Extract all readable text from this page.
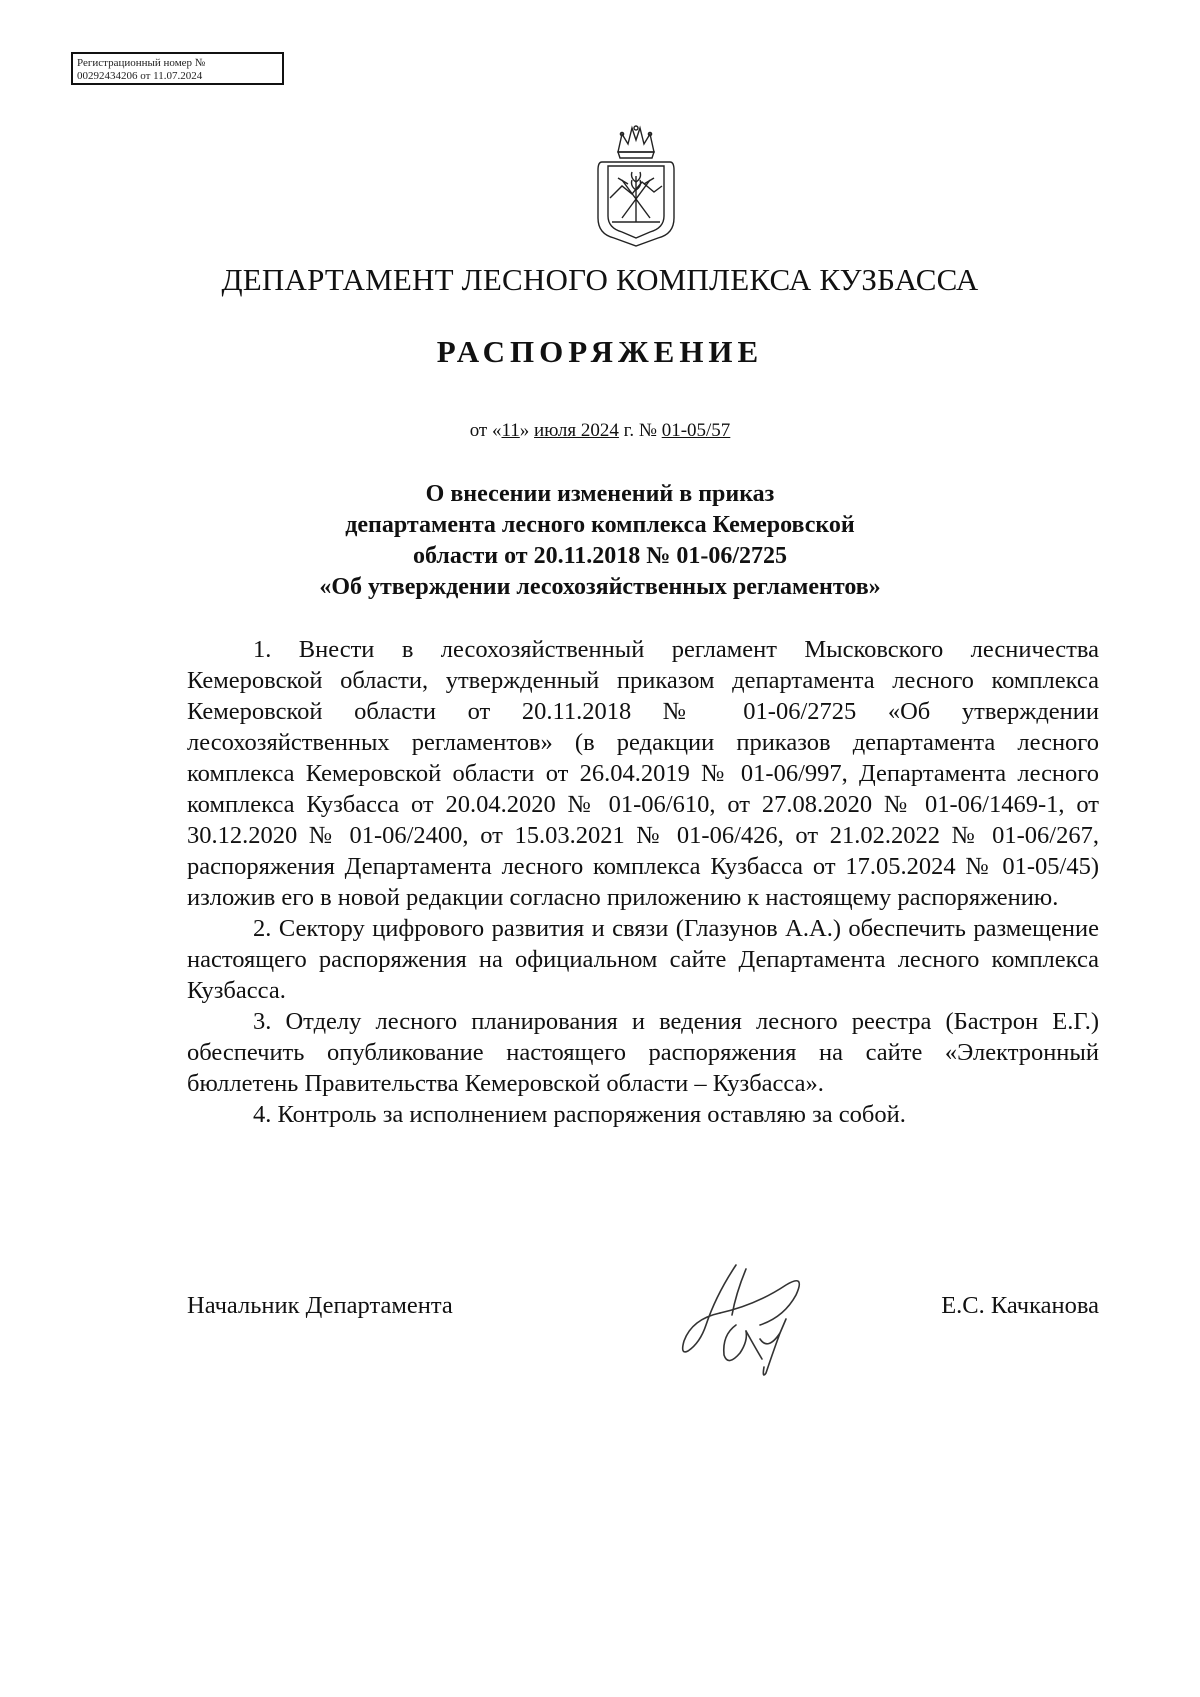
Регистрационный номер №
00292434206 от 11.07.2024
ДЕПАРТАМЕНТ ЛЕСНОГО КОМПЛЕКСА КУЗБАССА
РАСПОРЯЖЕНИЕ
от «11» июля 2024 г. № 01-05/57
О внесении изменений в приказ
департамента лесного комплекса Кемеровской
области от 20.11.2018 № 01-06/2725
«Об утверждении лесохозяйственных регламентов»

1. Внести в лесохозяйственный регламент Мысковского лесничества Кемеровской области, утвержденный приказом департамента лесного комплекса Кемеровской области от 20.11.2018 № 01-06/2725 «Об утверждении лесохозяйственных регламентов» (в редакции приказов департамента лесного комплекса Кемеровской области от 26.04.2019 № 01-06/997, Департамента лесного комплекса Кузбасса от 20.04.2020 № 01-06/610, от 27.08.2020 № 01-06/1469-1, от 30.12.2020 № 01-06/2400, от 15.03.2021 № 01-06/426, от 21.02.2022 № 01-06/267, распоряжения Департамента лесного комплекса Кузбасса от 17.05.2024 № 01-05/45) изложив его в новой редакции согласно приложению к настоящему распоряжению.

2. Сектору цифрового развития и связи (Глазунов А.А.) обеспечить размещение настоящего распоряжения на официальном сайте Департамента лесного комплекса Кузбасса.

3. Отделу лесного планирования и ведения лесного реестра (Бастрон Е.Г.) обеспечить опубликование настоящего распоряжения на сайте «Электронный бюллетень Правительства Кемеровской области – Кузбасса».

4. Контроль за исполнением распоряжения оставляю за собой.

Начальник Департамента	Е.С. Качканова
